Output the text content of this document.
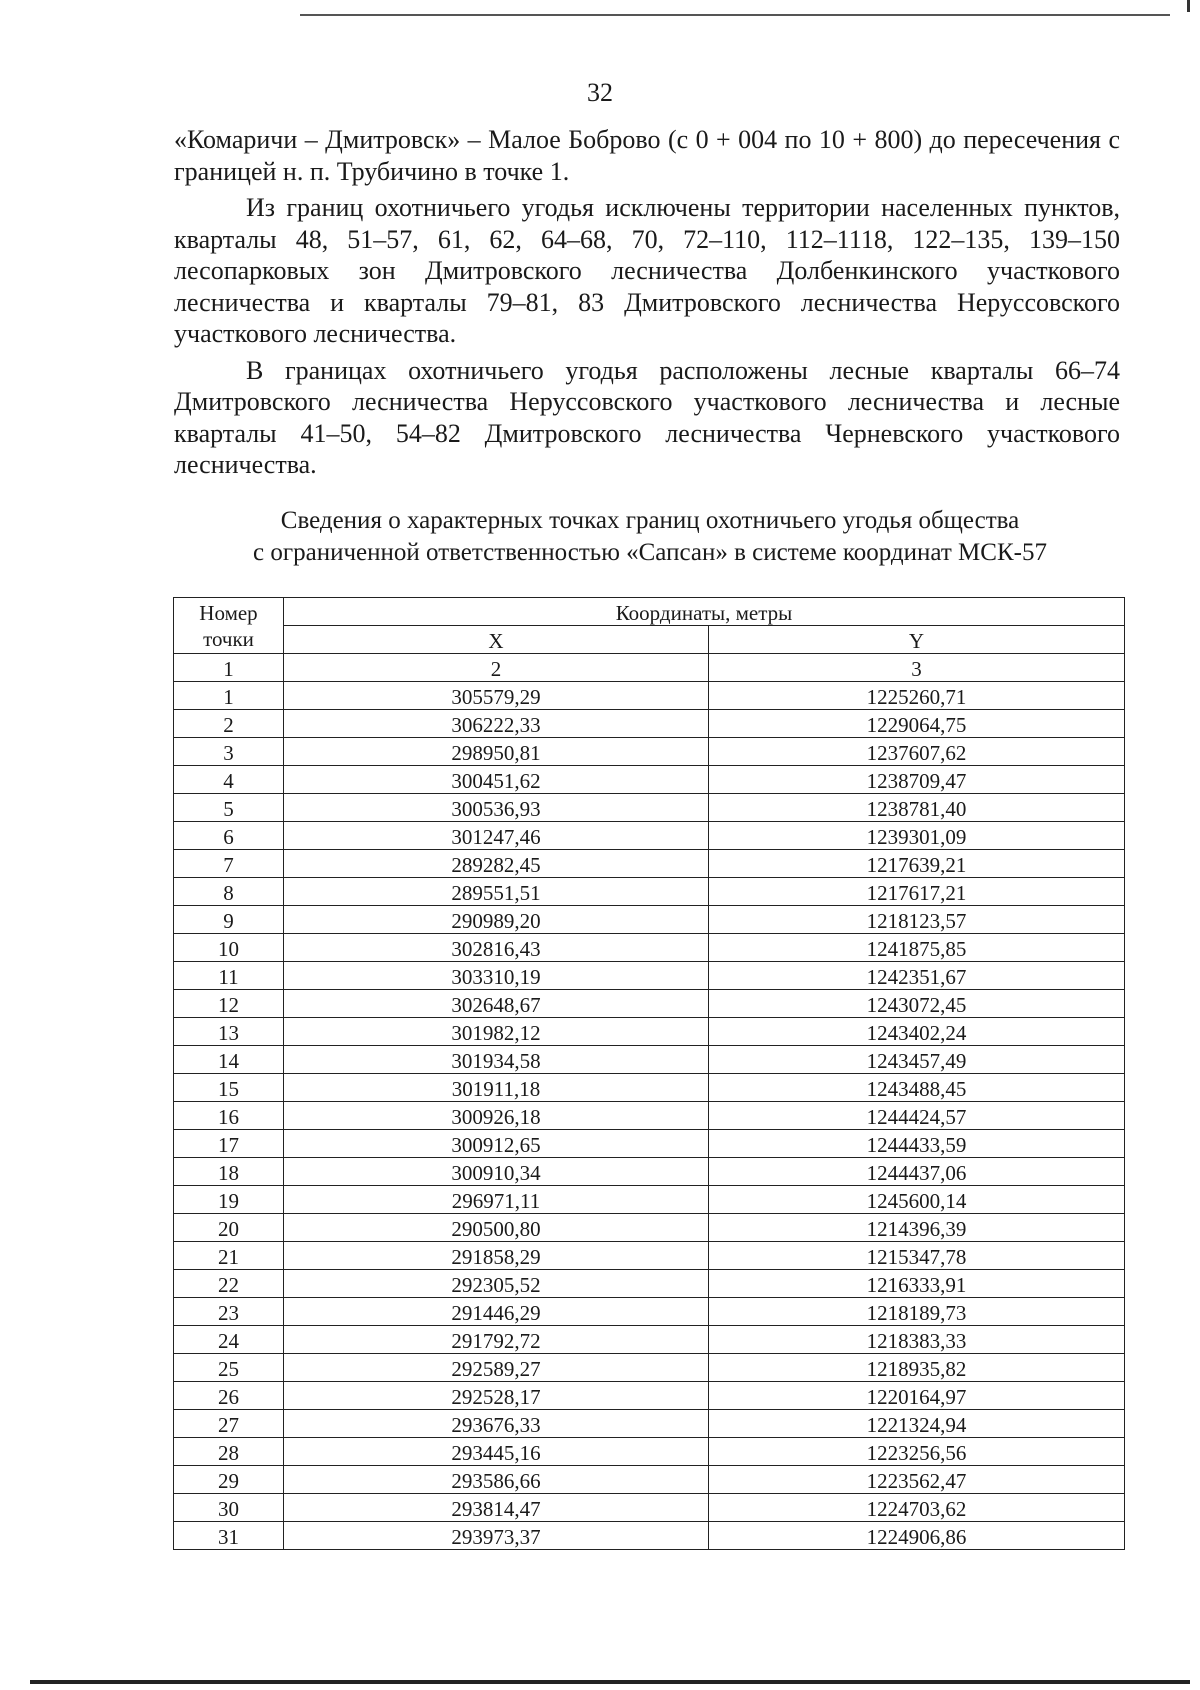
32

«Комаричи – Дмитровск» – Малое Боброво (с 0 + 004 по 10 + 800) до пересечения с границей н. п. Трубичино в точке 1.

Из границ охотничьего угодья исключены территории населенных пунктов, кварталы 48, 51–57, 61, 62, 64–68, 70, 72–110, 112–1118, 122–135, 139–150 лесопарковых зон Дмитровского лесничества Долбенкинского участкового лесничества и кварталы 79–81, 83 Дмитровского лесничества Неруссовского участкового лесничества.

В границах охотничьего угодья расположены лесные кварталы 66–74 Дмитровского лесничества Неруссовского участкового лесничества и лесные кварталы 41–50, 54–82 Дмитровского лесничества Черневского участкового лесничества.

Сведения о характерных точках границ охотничьего угодья общества
с ограниченной ответственностью «Сапсан» в системе координат МСК-57
Номер точки	Координаты, метры	
	X	Y
1	2	3
1	305579,29	1225260,71
2	306222,33	1229064,75
3	298950,81	1237607,62
4	300451,62	1238709,47
5	300536,93	1238781,40
6	301247,46	1239301,09
7	289282,45	1217639,21
8	289551,51	1217617,21
9	290989,20	1218123,57
10	302816,43	1241875,85
11	303310,19	1242351,67
12	302648,67	1243072,45
13	301982,12	1243402,24
14	301934,58	1243457,49
15	301911,18	1243488,45
16	300926,18	1244424,57
17	300912,65	1244433,59
18	300910,34	1244437,06
19	296971,11	1245600,14
20	290500,80	1214396,39
21	291858,29	1215347,78
22	292305,52	1216333,91
23	291446,29	1218189,73
24	291792,72	1218383,33
25	292589,27	1218935,82
26	292528,17	1220164,97
27	293676,33	1221324,94
28	293445,16	1223256,56
29	293586,66	1223562,47
30	293814,47	1224703,62
31	293973,37	1224906,86
